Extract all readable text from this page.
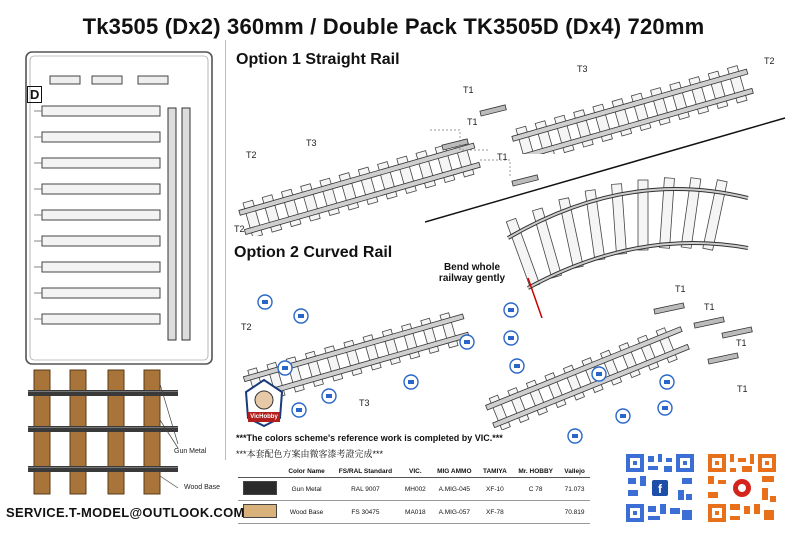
Tk3505 (Dx2) 360mm / Double Pack TK3505D (Dx4) 720mm
D
Option 1 Straight Rail
Option 2 Curved Rail
Bend whole railway gently
T1
T1
T1
T3
T2
T2
T3
T2
T2
T3
T1
T1
T1
T1
Gun Metal
Wood Base
VicHobby
***The colors scheme's reference work is completed by VIC.***
***本套配色方案由微客漆考證完成***
	Color Name	FS/RAL Standard	VIC.	MIG AMMO	TAMIYA	Mr. HOBBY	Vallejo
	Gun Metal	RAL 9007	MH002	A.MIG-045	XF-10	C 78	71.073
	Wood Base	FS 30475	MA018	A.MIG-057	XF-78		70.819
f
SERVICE.T-MODEL@OUTLOOK.COM
